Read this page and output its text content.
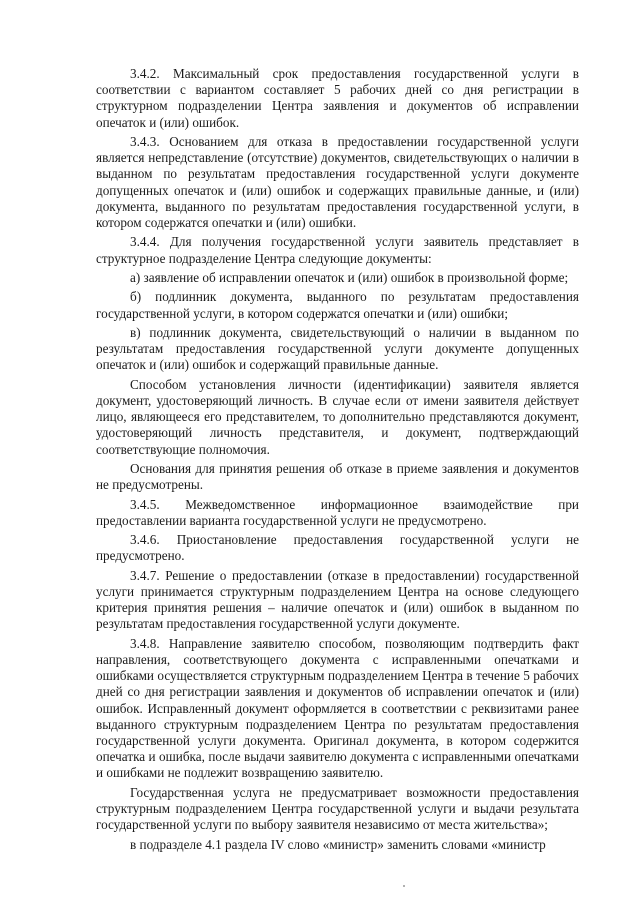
3.4.2. Максимальный срок предоставления государственной услуги в соответствии с вариантом составляет 5 рабочих дней со дня регистрации в структурном подразделении Центра заявления и документов об исправлении опечаток и (или) ошибок.

3.4.3. Основанием для отказа в предоставлении государственной услуги является непредставление (отсутствие) документов, свидетельствующих о наличии в выданном по результатам предоставления государственной услуги документе допущенных опечаток и (или) ошибок и содержащих правильные данные, и (или) документа, выданного по результатам предоставления государственной услуги, в котором содержатся опечатки и (или) ошибки.

3.4.4. Для получения государственной услуги заявитель представляет в структурное подразделение Центра следующие документы:

а) заявление об исправлении опечаток и (или) ошибок в произвольной форме;

б) подлинник документа, выданного по результатам предоставления государственной услуги, в котором содержатся опечатки и (или) ошибки;

в) подлинник документа, свидетельствующий о наличии в выданном по результатам предоставления государственной услуги документе допущенных опечаток и (или) ошибок и содержащий правильные данные.

Способом установления личности (идентификации) заявителя является документ, удостоверяющий личность. В случае если от имени заявителя действует лицо, являющееся его представителем, то дополнительно представляются документ, удостоверяющий личность представителя, и документ, подтверждающий соответствующие полномочия.

Основания для принятия решения об отказе в приеме заявления и документов не предусмотрены.

3.4.5. Межведомственное информационное взаимодействие при предоставлении варианта государственной услуги не предусмотрено.

3.4.6. Приостановление предоставления государственной услуги не предусмотрено.

3.4.7. Решение о предоставлении (отказе в предоставлении) государственной услуги принимается структурным подразделением Центра на основе следующего критерия принятия решения – наличие опечаток и (или) ошибок в выданном по результатам предоставления государственной услуги документе.

3.4.8. Направление заявителю способом, позволяющим подтвердить факт направления, соответствующего документа с исправленными опечатками и ошибками осуществляется структурным подразделением Центра в течение 5 рабочих дней со дня регистрации заявления и документов об исправлении опечаток и (или) ошибок. Исправленный документ оформляется в соответствии с реквизитами ранее выданного структурным подразделением Центра по результатам предоставления государственной услуги документа. Оригинал документа, в котором содержится опечатка и ошибка, после выдачи заявителю документа с исправленными опечатками и ошибками не подлежит возвращению заявителю.

Государственная услуга не предусматривает возможности предоставления структурным подразделением Центра государственной услуги и выдачи результата государственной услуги по выбору заявителя независимо от места жительства»;

в подразделе 4.1 раздела IV слово «министр» заменить словами «министр
